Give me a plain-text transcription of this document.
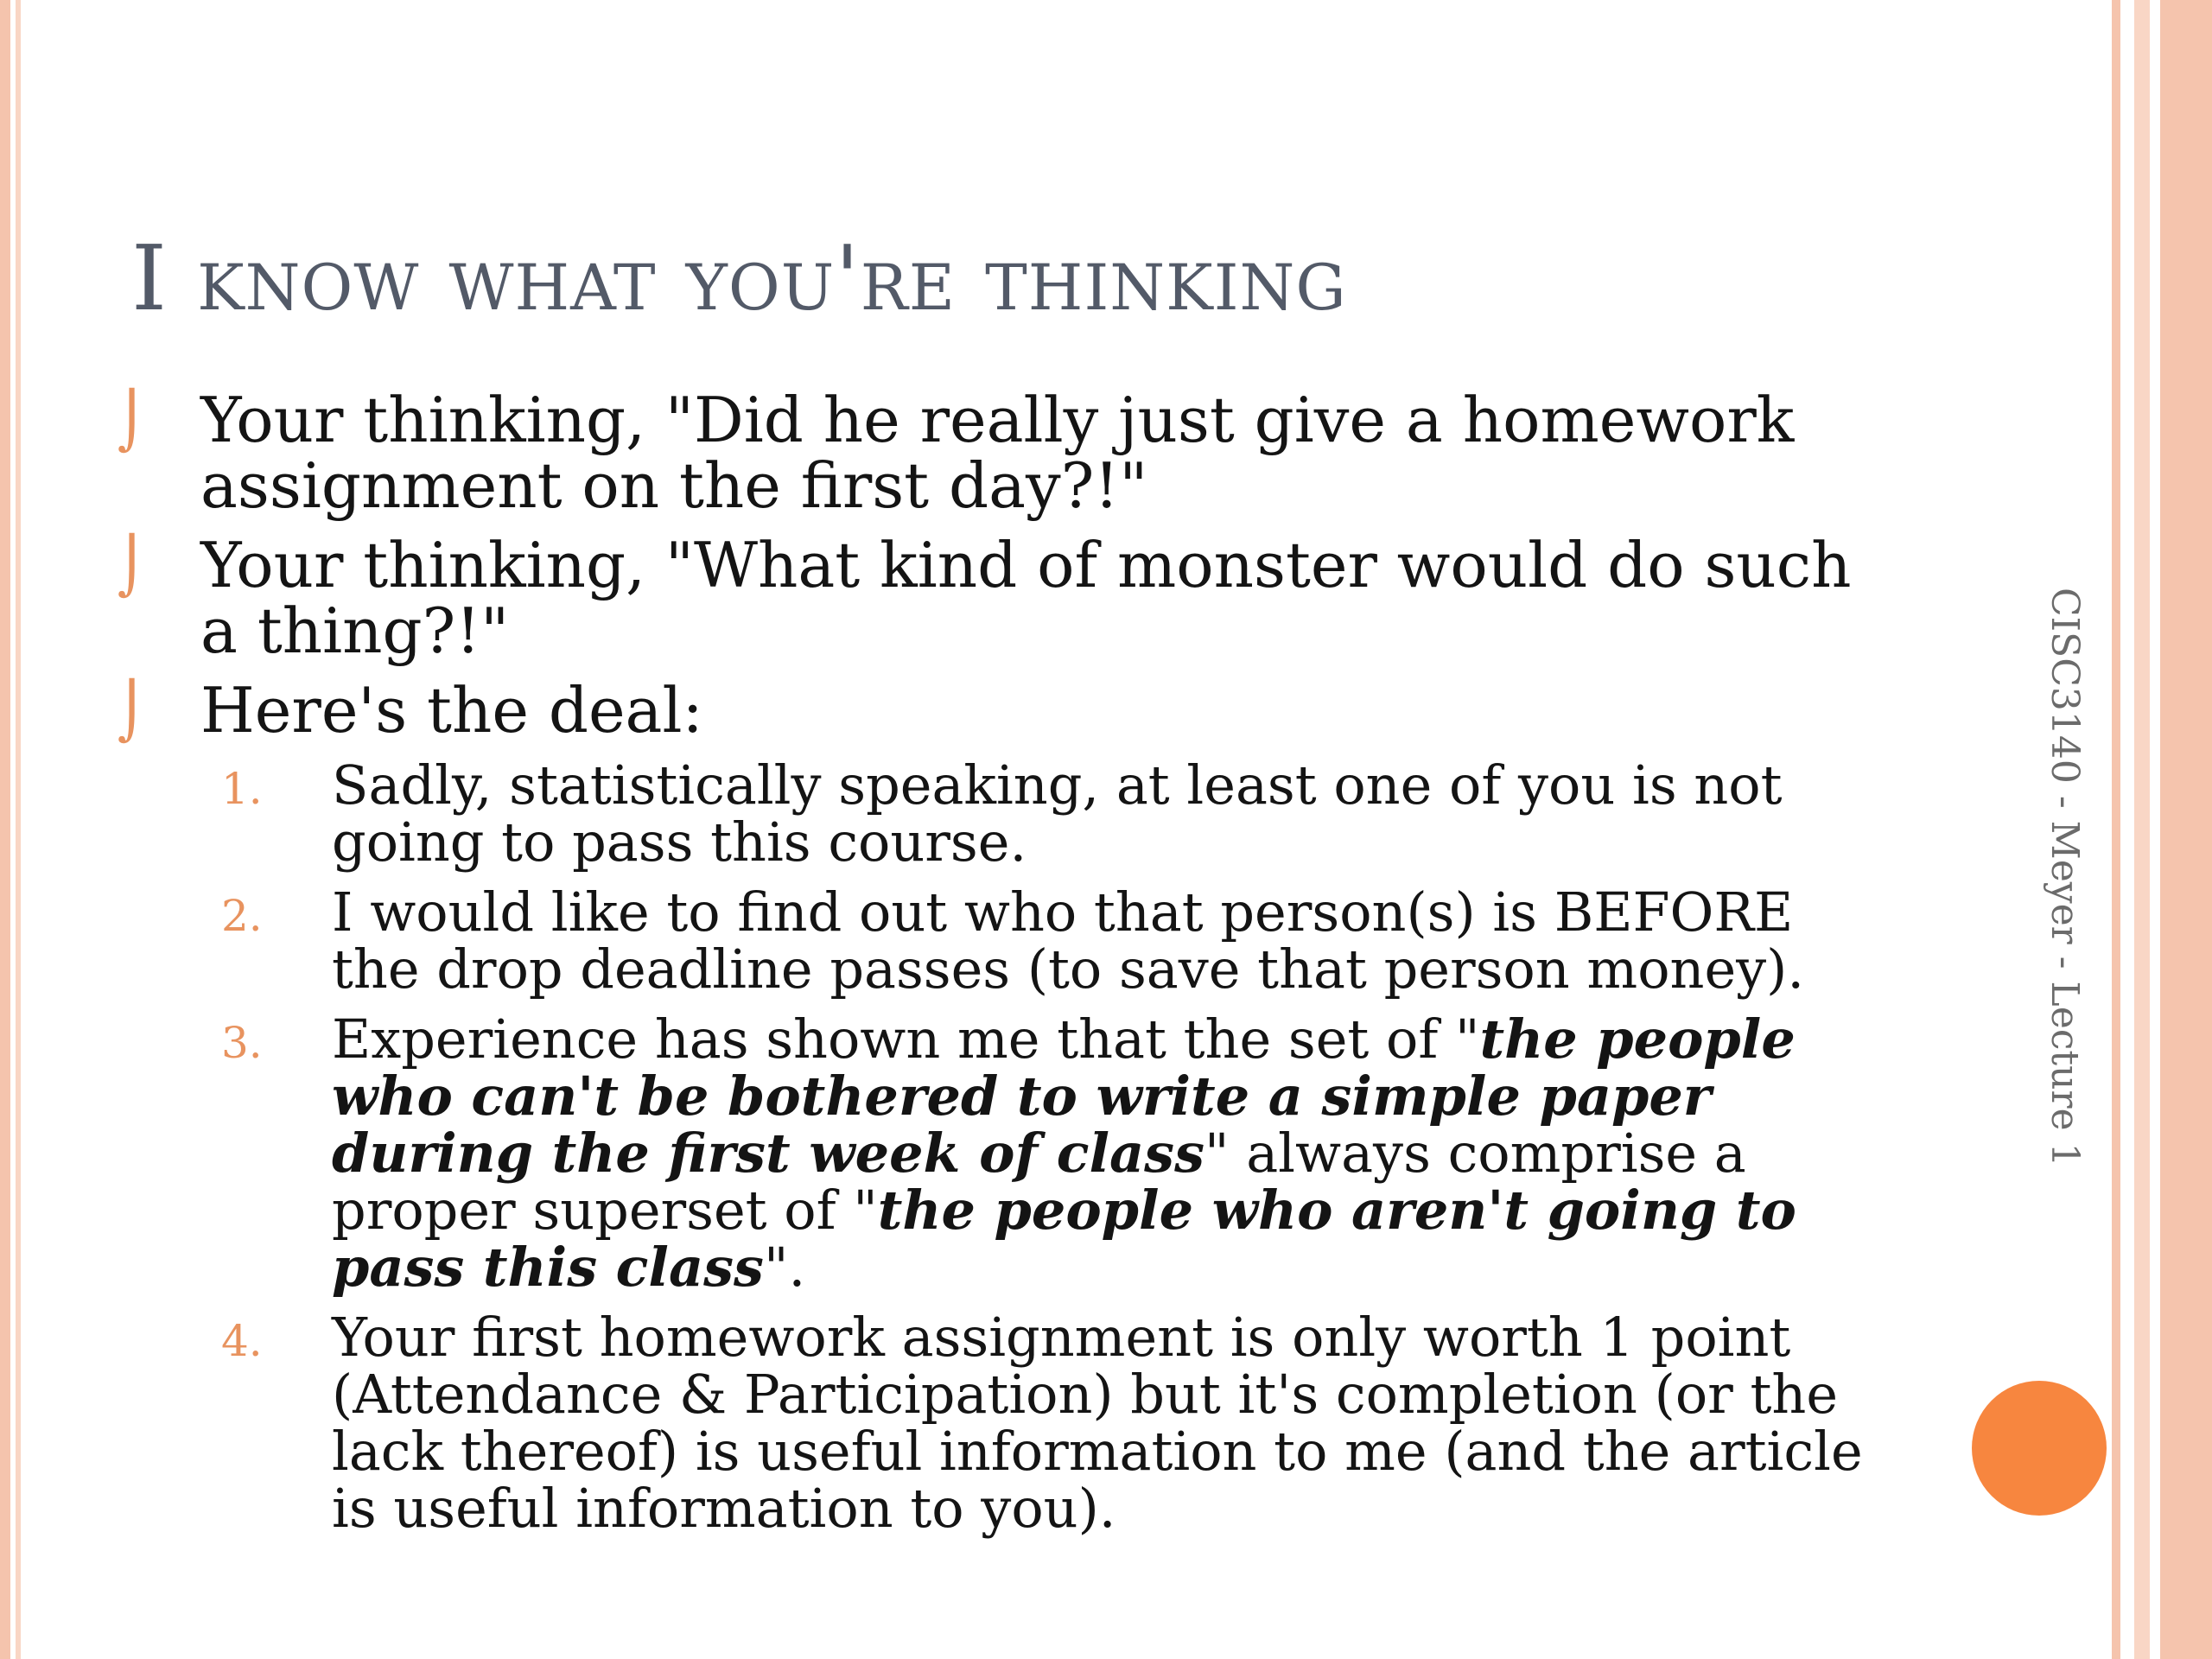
I know what you're thinking
⌡ Your thinking, "Did he really just give a homework assignment on the first day?!"
⌡ Your thinking, "What kind of monster would do such a thing?!"
⌡ Here's the deal:
1. Sadly, statistically speaking, at least one of you is not going to pass this course.
2. I would like to find out who that person(s) is BEFORE the drop deadline passes (to save that person money).
3. Experience has shown me that the set of "the people who can't be bothered to write a simple paper during the first week of class" always comprise a proper superset of "the people who aren't going to pass this class".
4. Your first homework assignment is only worth 1 point (Attendance & Participation) but it's completion (or the lack thereof) is useful information to me (and the article is useful information to you).
CISC3140 - Meyer - Lecture 1
